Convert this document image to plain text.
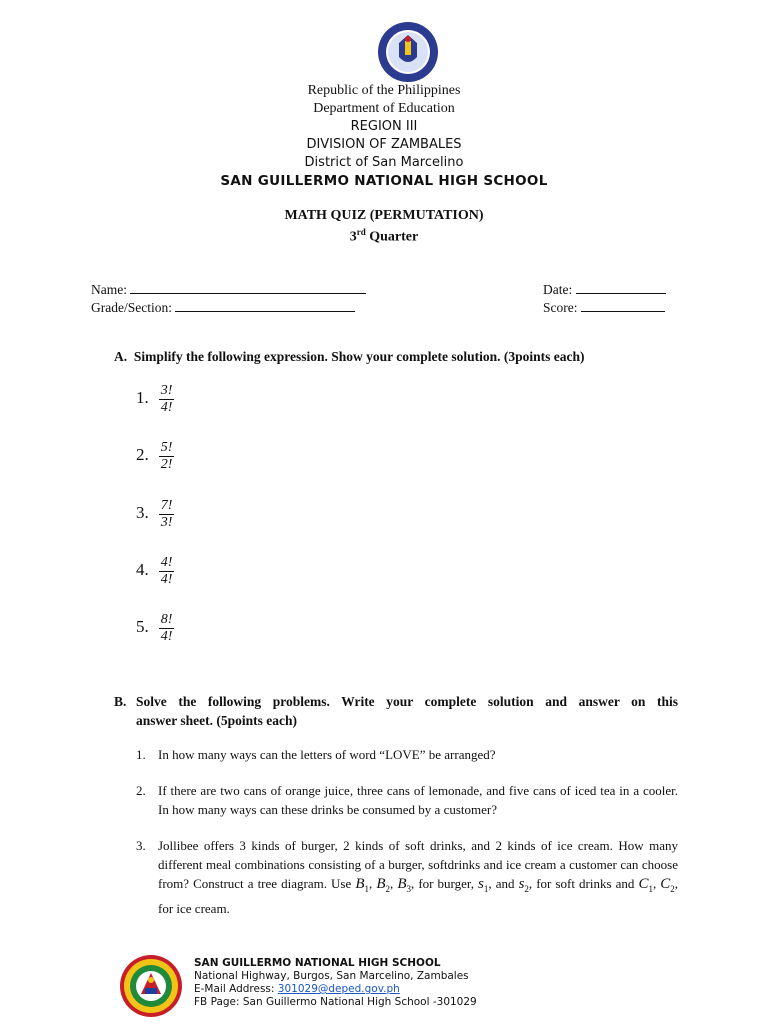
Republic of the Philippines
Department of Education
REGION III
DIVISION OF ZAMBALES
District of San Marcelino
SAN GUILLERMO NATIONAL HIGH SCHOOL
MATH QUIZ (PERMUTATION)
3rd Quarter
Name:	Date:
Grade/Section:	Score:
A.  Simplify the following expression. Show your complete solution. (3points each)
1. $\frac{3!}{4!}$
2. $\frac{5!}{2!}$
3. $\frac{7!}{3!}$
4. $\frac{4!}{4!}$
5. $\frac{8!}{4!}$
B. Solve the following problems. Write your complete solution and answer on this
answer sheet. (5points each)
1. In how many ways can the letters of word “LOVE” be arranged?
2. If there are two cans of orange juice, three cans of lemonade, and five cans of iced tea in a cooler. In how many ways can these drinks be consumed by a customer?
3. Jollibee offers 3 kinds of burger, 2 kinds of soft drinks, and 2 kinds of ice cream. How many different meal combinations consisting of a burger, softdrinks and ice cream a customer can choose from? Construct a tree diagram. Use $B_1$, $B_2$, $B_3$, for burger, $s_1$, and $s_2$, for soft drinks and $C_1$, $C_2$, for ice cream.
SAN GUILLERMO NATIONAL HIGH SCHOOL
National Highway, Burgos, San Marcelino, Zambales
E-Mail Address: 301029@deped.gov.ph
FB Page: San Guillermo National High School -301029
